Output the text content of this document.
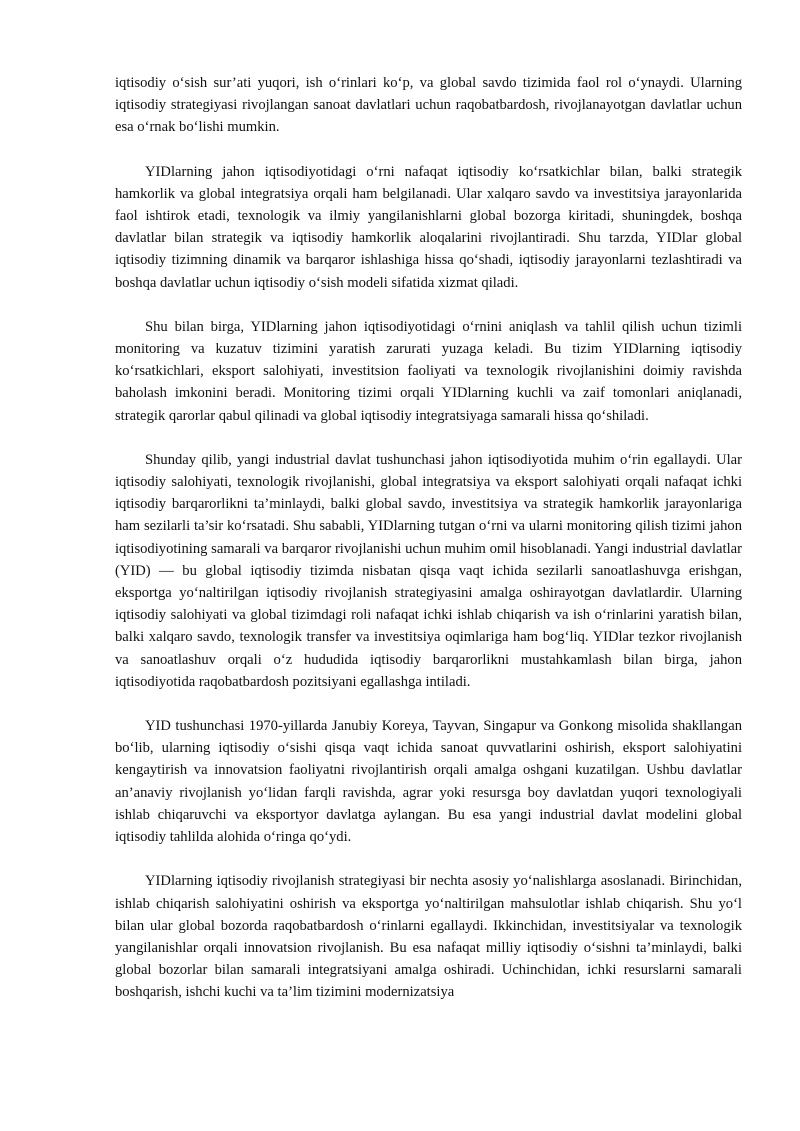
iqtisodiy o‘sish sur’ati yuqori, ish o‘rinlari ko‘p, va global savdo tizimida faol rol o‘ynaydi. Ularning iqtisodiy strategiyasi rivojlangan sanoat davlatlari uchun raqobatbardosh, rivojlanayotgan davlatlar uchun esa o‘rnak bo‘lishi mumkin.

YIDlarning jahon iqtisodiyotidagi o‘rni nafaqat iqtisodiy ko‘rsatkichlar bilan, balki strategik hamkorlik va global integratsiya orqali ham belgilanadi. Ular xalqaro savdo va investitsiya jarayonlarida faol ishtirok etadi, texnologik va ilmiy yangilanishlarni global bozorga kiritadi, shuningdek, boshqa davlatlar bilan strategik va iqtisodiy hamkorlik aloqalarini rivojlantiradi. Shu tarzda, YIDlar global iqtisodiy tizimning dinamik va barqaror ishlashiga hissa qo‘shadi, iqtisodiy jarayonlarni tezlashtiradi va boshqa davlatlar uchun iqtisodiy o‘sish modeli sifatida xizmat qiladi.

Shu bilan birga, YIDlarning jahon iqtisodiyotidagi o‘rnini aniqlash va tahlil qilish uchun tizimli monitoring va kuzatuv tizimini yaratish zarurati yuzaga keladi. Bu tizim YIDlarning iqtisodiy ko‘rsatkichlari, eksport salohiyati, investitsion faoliyati va texnologik rivojlanishini doimiy ravishda baholash imkonini beradi. Monitoring tizimi orqali YIDlarning kuchli va zaif tomonlari aniqlanadi, strategik qarorlar qabul qilinadi va global iqtisodiy integratsiyaga samarali hissa qo‘shiladi.

Shunday qilib, yangi industrial davlat tushunchasi jahon iqtisodiyotida muhim o‘rin egallaydi. Ular iqtisodiy salohiyati, texnologik rivojlanishi, global integratsiya va eksport salohiyati orqali nafaqat ichki iqtisodiy barqarorlikni ta’minlaydi, balki global savdo, investitsiya va strategik hamkorlik jarayonlariga ham sezilarli ta’sir ko‘rsatadi. Shu sababli, YIDlarning tutgan o‘rni va ularni monitoring qilish tizimi jahon iqtisodiyotining samarali va barqaror rivojlanishi uchun muhim omil hisoblanadi. Yangi industrial davlatlar (YID) — bu global iqtisodiy tizimda nisbatan qisqa vaqt ichida sezilarli sanoatlashuvga erishgan, eksportga yo‘naltirilgan iqtisodiy rivojlanish strategiyasini amalga oshirayotgan davlatlardir. Ularning iqtisodiy salohiyati va global tizimdagi roli nafaqat ichki ishlab chiqarish va ish o‘rinlarini yaratish bilan, balki xalqaro savdo, texnologik transfer va investitsiya oqimlariga ham bog‘liq. YIDlar tezkor rivojlanish va sanoatlashuv orqali o‘z hududida iqtisodiy barqarorlikni mustahkamlash bilan birga, jahon iqtisodiyotida raqobatbardosh pozitsiyani egallashga intiladi.

YID tushunchasi 1970-yillarda Janubiy Koreya, Tayvan, Singapur va Gonkong misolida shakllangan bo‘lib, ularning iqtisodiy o‘sishi qisqa vaqt ichida sanoat quvvatlarini oshirish, eksport salohiyatini kengaytirish va innovatsion faoliyatni rivojlantirish orqali amalga oshgani kuzatilgan. Ushbu davlatlar an’anaviy rivojlanish yo‘lidan farqli ravishda, agrar yoki resursga boy davlatdan yuqori texnologiyali ishlab chiqaruvchi va eksportyor davlatga aylangan. Bu esa yangi industrial davlat modelini global iqtisodiy tahlilda alohida o‘ringa qo‘ydi.

YIDlarning iqtisodiy rivojlanish strategiyasi bir nechta asosiy yo‘nalishlarga asoslanadi. Birinchidan, ishlab chiqarish salohiyatini oshirish va eksportga yo‘naltirilgan mahsulotlar ishlab chiqarish. Shu yo‘l bilan ular global bozorda raqobatbardosh o‘rinlarni egallaydi. Ikkinchidan, investitsiyalar va texnologik yangilanishlar orqali innovatsion rivojlanish. Bu esa nafaqat milliy iqtisodiy o‘sishni ta’minlaydi, balki global bozorlar bilan samarali integratsiyani amalga oshiradi. Uchinchidan, ichki resurslarni samarali boshqarish, ishchi kuchi va ta’lim tizimini modernizatsiya
